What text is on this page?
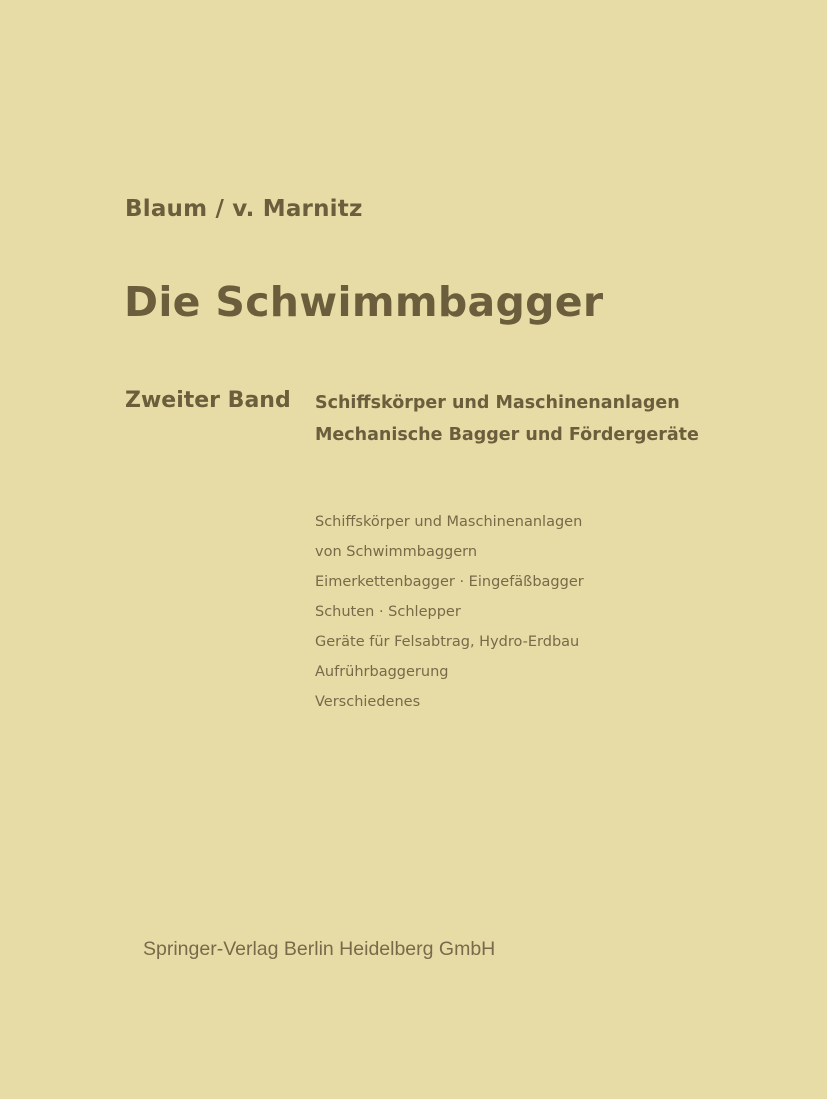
Blaum / v. Marnitz
Die Schwimmbagger
Zweiter Band Schiffskörper und Maschinenanlagen
Mechanische Bagger und Fördergeräte
Schiffskörper und Maschinenanlagen
von Schwimmbaggern
Eimerkettenbagger · Eingefäßbagger
Schuten · Schlepper
Geräte für Felsabtrag, Hydro-Erdbau
Aufrührbaggerung
Verschiedenes
Springer-Verlag Berlin Heidelberg GmbH
